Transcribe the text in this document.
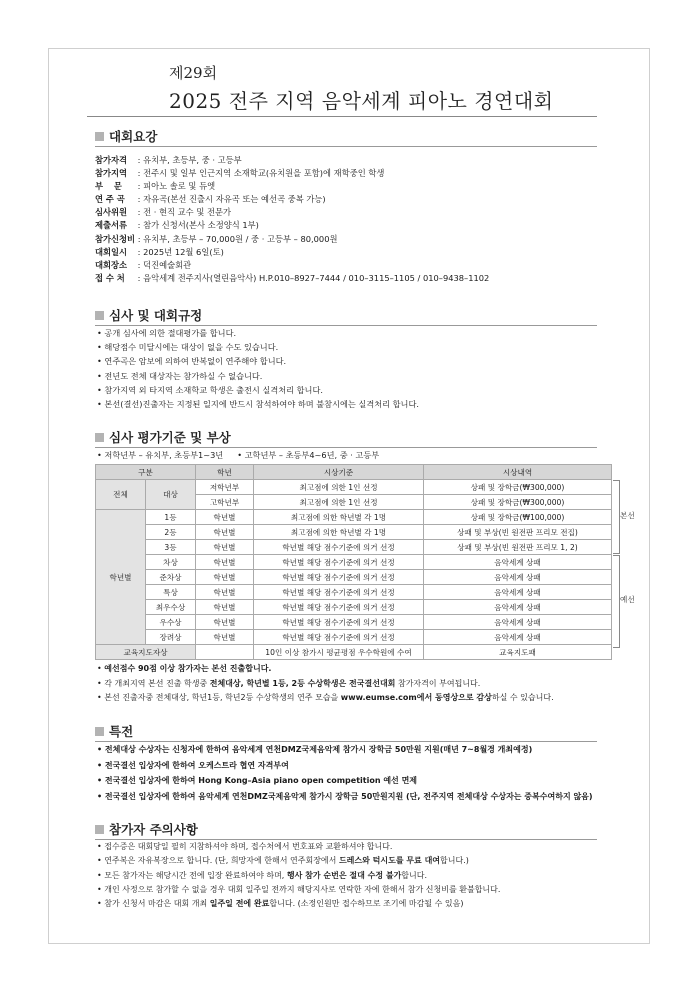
제29회
2025 전주 지역 음악세계 피아노 경연대회
대회요강
참가자격 : 유치부, 초등부, 중 · 고등부
참가지역 : 전주시 및 일부 인근지역 소재학교(유치원을 포함)에 재학중인 학생
부 문 : 피아노 솔로 및 듀엣
연 주 곡 : 자유곡(본선 진출시 자유곡 또는 예선곡 중복 가능)
심사위원 : 전 · 현직 교수 및 전문가
제출서류 : 참가 신청서(본사 소정양식 1부)
참가신청비 : 유치부, 초등부 – 70,000원 / 중 · 고등부 – 80,000원
대회일시 : 2025년 12월 6일(토)
대회장소 : 덕진예술회관
접 수 처 : 음악세계 전주지사(열린음악사) H.P.010–8927–7444 / 010–3115–1105 / 010–9438–1102
심사 및 대회규정
• 공개 심사에 의한 절대평가를 합니다.
• 해당점수 미달시에는 대상이 없을 수도 있습니다.
• 연주곡은 암보에 의하여 반복없이 연주해야 합니다.
• 전년도 전체 대상자는 참가하실 수 없습니다.
• 참가지역 외 타지역 소재학교 학생은 출전시 실격처리 합니다.
• 본선(결선)진출자는 지정된 일지에 반드시 참석하여야 하며 불참시에는 실격처리 합니다.
심사 평가기준 및 부상
• 저학년부 – 유치부, 초등부1~3년 • 고학년부 – 초등부4~6년, 중 · 고등부
구분		학년	시상기준	시상내역
전체	대상	저학년부	최고점에 의한 1인 선정	상패 및 장학금(₩300,000)
		고학년부	최고점에 의한 1인 선정	상패 및 장학금(₩300,000)
학년별	1등	학년별	최고점에 의한 학년별 각 1명	상패 및 장학금(₩100,000)
	2등	학년별	최고점에 의한 학년별 각 1명	상패 및 부상(빈 원전판 프리모 전집)
	3등	학년별	학년별 해당 점수기준에 의거 선정	상패 및 부상(빈 원전판 프리모 1, 2)
	차상	학년별	학년별 해당 점수기준에 의거 선정	음악세계 상패
	준차상	학년별	학년별 해당 점수기준에 의거 선정	음악세계 상패
	특상	학년별	학년별 해당 점수기준에 의거 선정	음악세계 상패
	최우수상	학년별	학년별 해당 점수기준에 의거 선정	음악세계 상패
	우수상	학년별	학년별 해당 점수기준에 의거 선정	음악세계 상패
	장려상	학년별	학년별 해당 점수기준에 의거 선정	음악세계 상패
교육지도자상			10인 이상 참가시 평균평점 우수학원에 수여	교육지도패
본선
예선
• 예선점수 90점 이상 참가자는 본선 진출합니다.
• 각 개최지역 본선 진출 학생중 전체대상, 학년별 1등, 2등 수상학생은 전국결선대회 참가자격이 부여됩니다.
• 본선 진출자중 전체대상, 학년1등, 학년2등 수상학생의 연주 모습을 www.eumse.com에서 동영상으로 감상하실 수 있습니다.
특전
• 전체대상 수상자는 신청자에 한하여 음악세계 연천DMZ국제음악제 참가시 장학금 50만원 지원(매년 7~8월경 개최예정)
• 전국결선 입상자에 한하여 오케스트라 협연 자격부여
• 전국결선 입상자에 한하여 Hong Kong–Asia piano open competition 예선 면제
• 전국결선 입상자에 한하여 음악세계 연천DMZ국제음악제 참가시 장학금 50만원지원 (단, 전주지역 전체대상 수상자는 중복수여하지 않음)
참가자 주의사항
• 접수증은 대회당일 필히 지참하셔야 하며, 접수처에서 번호표와 교환하셔야 합니다.
• 연주복은 자유복장으로 합니다. (단, 희망자에 한해서 연주회장에서 드레스와 턱시도를 무료 대여합니다.)
• 모든 참가자는 해당시간 전에 입장 완료하여야 하며, 행사 참가 순번은 절대 수정 불가합니다.
• 개인 사정으로 참가할 수 없을 경우 대회 일주일 전까지 해당지사로 연락한 자에 한해서 참가 신청비를 환불합니다.
• 참가 신청서 마감은 대회 개최 일주일 전에 완료합니다. (소정인원만 접수하므로 조기에 마감될 수 있음)
